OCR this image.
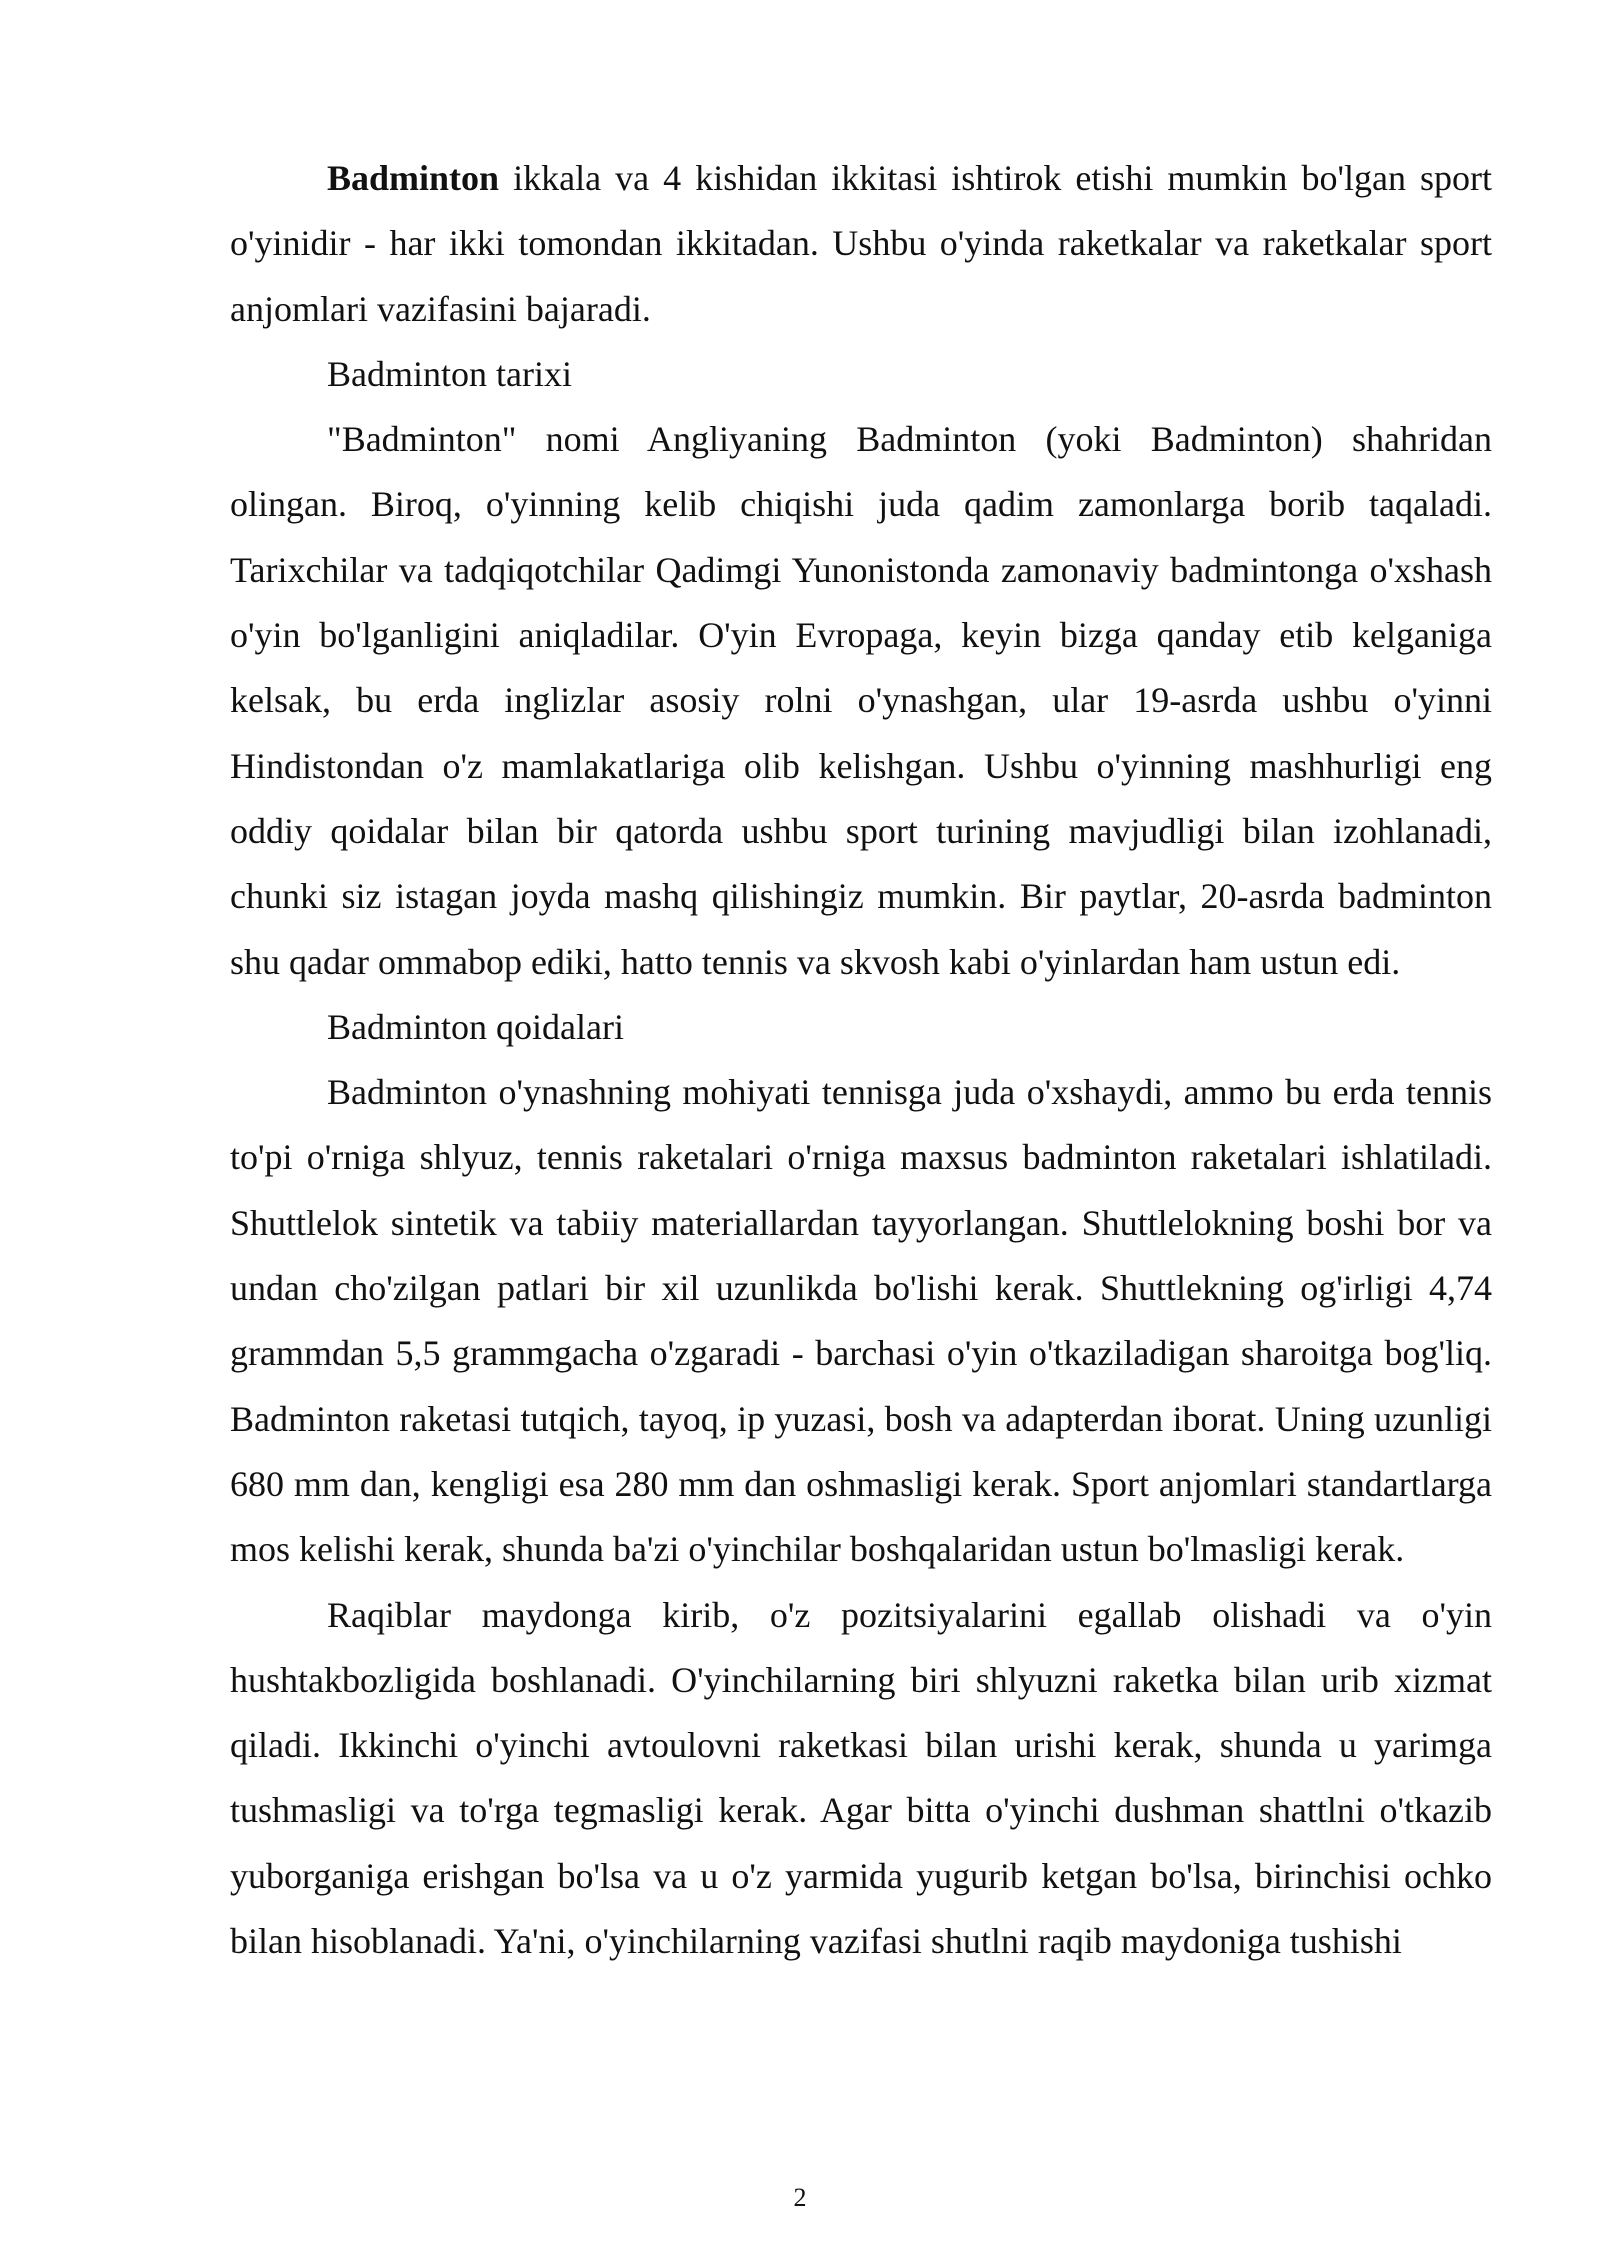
Badminton ikkala va 4 kishidan ikkitasi ishtirok etishi mumkin bo'lgan sport o'yinidir - har ikki tomondan ikkitadan. Ushbu o'yinda raketkalar va raketkalar sport anjomlari vazifasini bajaradi.

Badminton tarixi

"Badminton" nomi Angliyaning Badminton (yoki Badminton) shahridan olingan. Biroq, o'yinning kelib chiqishi juda qadim zamonlarga borib taqaladi. Tarixchilar va tadqiqotchilar Qadimgi Yunonistonda zamonaviy badmintonga o'xshash o'yin bo'lganligini aniqladilar. O'yin Evropaga, keyin bizga qanday etib kelganiga kelsak, bu erda inglizlar asosiy rolni o'ynashgan, ular 19-asrda ushbu o'yinni Hindistondan o'z mamlakatlariga olib kelishgan. Ushbu o'yinning mashhurligi eng oddiy qoidalar bilan bir qatorda ushbu sport turining mavjudligi bilan izohlanadi, chunki siz istagan joyda mashq qilishingiz mumkin. Bir paytlar, 20-asrda badminton shu qadar ommabop ediki, hatto tennis va skvosh kabi o'yinlardan ham ustun edi.

Badminton qoidalari

Badminton o'ynashning mohiyati tennisga juda o'xshaydi, ammo bu erda tennis to'pi o'rniga shlyuz, tennis raketalari o'rniga maxsus badminton raketalari ishlatiladi. Shuttlelok sintetik va tabiiy materiallardan tayyorlangan. Shuttlelokning boshi bor va undan cho'zilgan patlari bir xil uzunlikda bo'lishi kerak. Shuttlekning og'irligi 4,74 grammdan 5,5 grammgacha o'zgaradi - barchasi o'yin o'tkaziladigan sharoitga bog'liq. Badminton raketasi tutqich, tayoq, ip yuzasi, bosh va adapterdan iborat. Uning uzunligi 680 mm dan, kengligi esa 280 mm dan oshmasligi kerak. Sport anjomlari standartlarga mos kelishi kerak, shunda ba'zi o'yinchilar boshqalaridan ustun bo'lmasligi kerak.

Raqiblar maydonga kirib, o'z pozitsiyalarini egallab olishadi va o'yin hushtakbozligida boshlanadi. O'yinchilarning biri shlyuzni raketka bilan urib xizmat qiladi. Ikkinchi o'yinchi avtoulovni raketkasi bilan urishi kerak, shunda u yarimga tushmasligi va to'rga tegmasligi kerak. Agar bitta o'yinchi dushman shattlni o'tkazib yuborganiga erishgan bo'lsa va u o'z yarmida yugurib ketgan bo'lsa, birinchisi ochko bilan hisoblanadi. Ya'ni, o'yinchilarning vazifasi shutlni raqib maydoniga tushishi

2
